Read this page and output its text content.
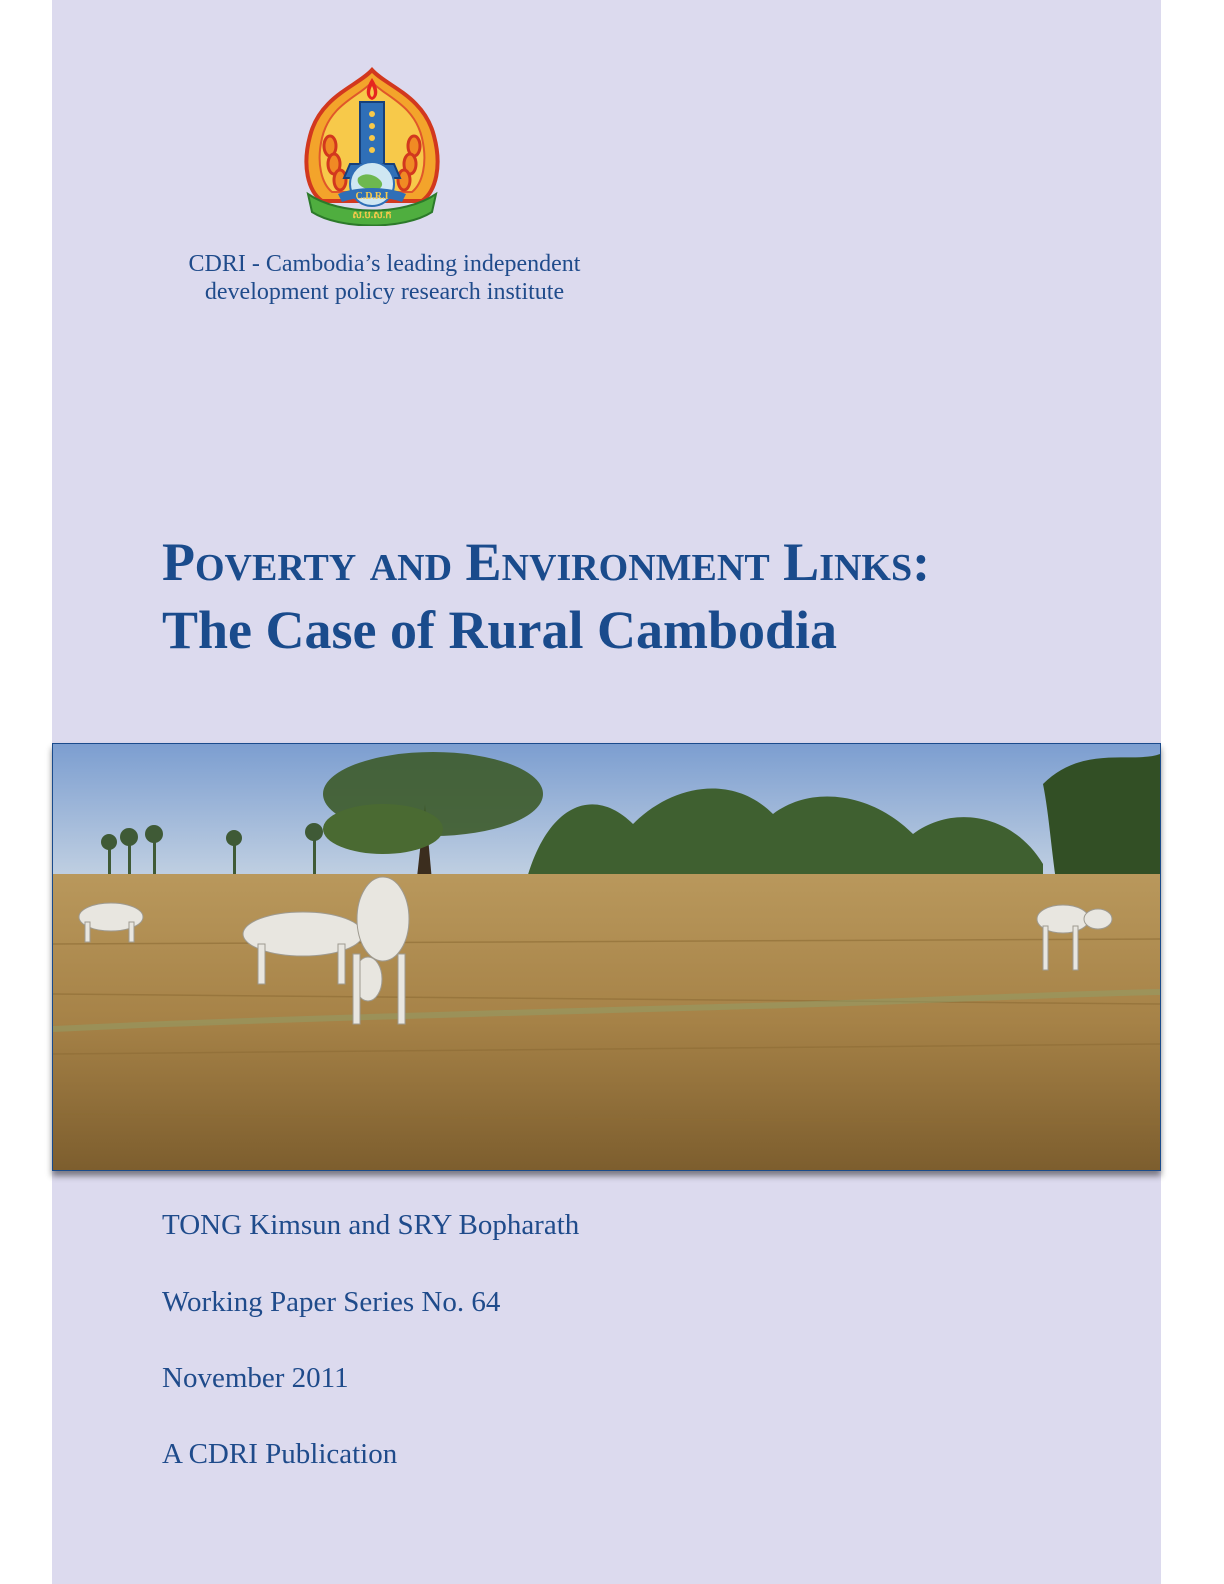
C.D.R.I
ស.ប.ស.ក
CDRI - Cambodia’s leading independent
development policy research institute
Poverty and Environment Links:
The Case of Rural Cambodia
TONG Kimsun and SRY Bopharath
Working Paper Series No. 64
November 2011
A CDRI Publication
